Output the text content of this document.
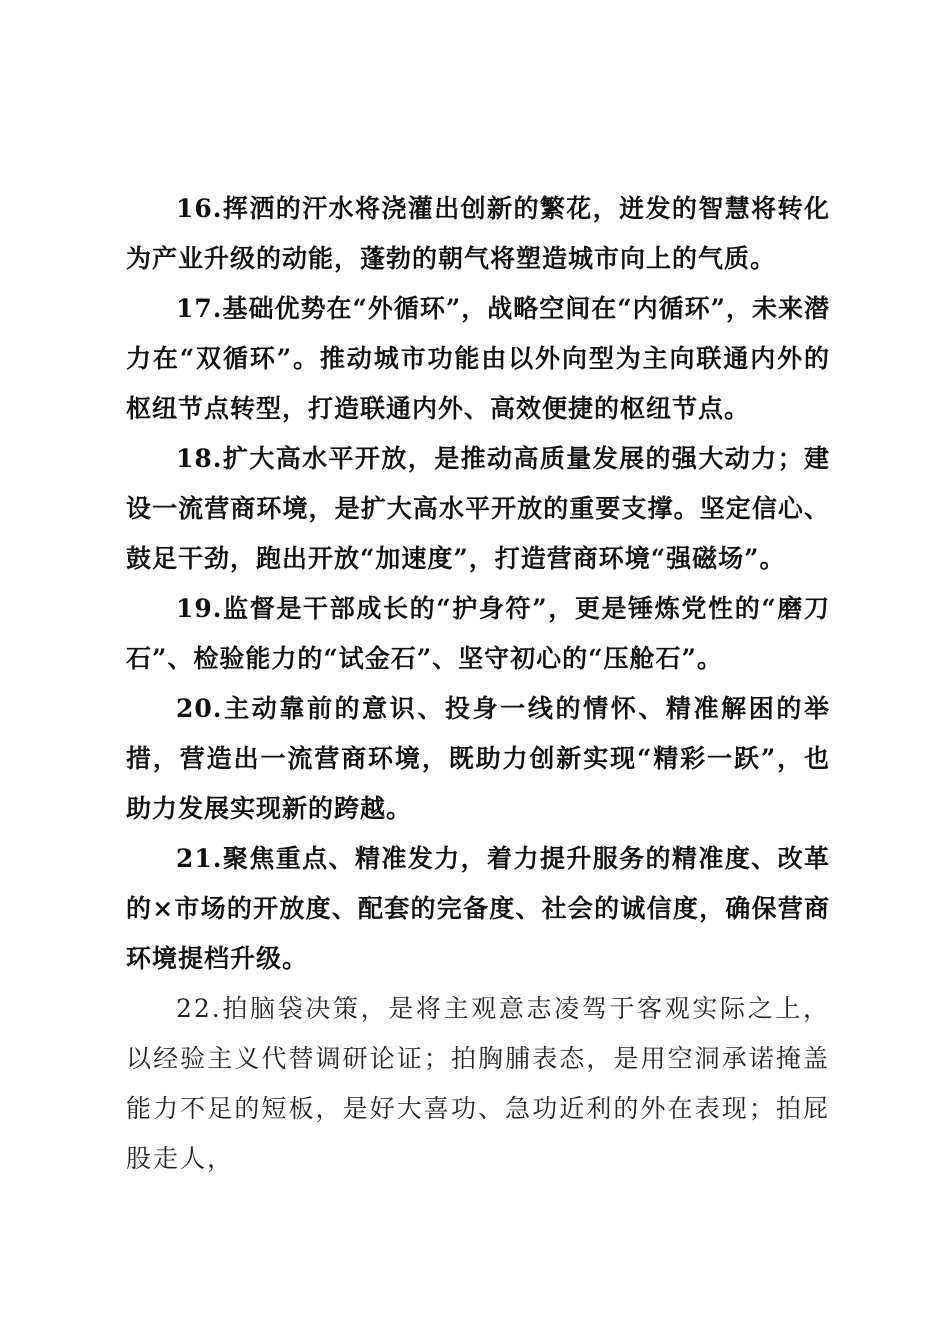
16.挥洒的汗水将浇灌出创新的繁花，迸发的智慧将转化为产业升级的动能，蓬勃的朝气将塑造城市向上的气质。

17.基础优势在“外循环”，战略空间在“内循环”，未来潜力在“双循环”。推动城市功能由以外向型为主向联通内外的枢纽节点转型，打造联通内外、高效便捷的枢纽节点。

18.扩大高水平开放，是推动高质量发展的强大动力；建设一流营商环境，是扩大高水平开放的重要支撑。坚定信心、鼓足干劲，跑出开放“加速度”，打造营商环境“强磁场”。

19.监督是干部成长的“护身符”，更是锤炼党性的“磨刀石”、检验能力的“试金石”、坚守初心的“压舱石”。

20.主动靠前的意识、投身一线的情怀、精准解困的举措，营造出一流营商环境，既助力创新实现“精彩一跃”，也助力发展实现新的跨越。

21.聚焦重点、精准发力，着力提升服务的精准度、改革的×市场的开放度、配套的完备度、社会的诚信度，确保营商环境提档升级。

22.拍脑袋决策，是将主观意志凌驾于客观实际之上，以经验主义代替调研论证；拍胸脯表态，是用空洞承诺掩盖能力不足的短板，是好大喜功、急功近利的外在表现；拍屁股走人，
